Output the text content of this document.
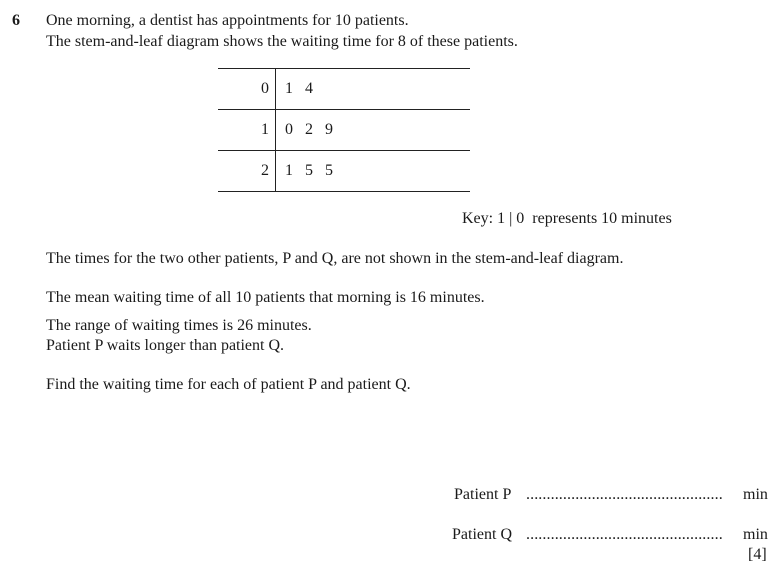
6 One morning, a dentist has appointments for 10 patients.
The stem-and-leaf diagram shows the waiting time for 8 of these patients.
0	1 4
1	0 2 9
2	1 5 5
Key: 1 | 0  represents 10 minutes
The times for the two other patients, P and Q, are not shown in the stem-and-leaf diagram.
The mean waiting time of all 10 patients that morning is 16 minutes.
The range of waiting times is 26 minutes.
Patient P waits longer than patient Q.
Find the waiting time for each of patient P and patient Q.
Patient P ................................................ min
Patient Q ................................................ min
[4]
